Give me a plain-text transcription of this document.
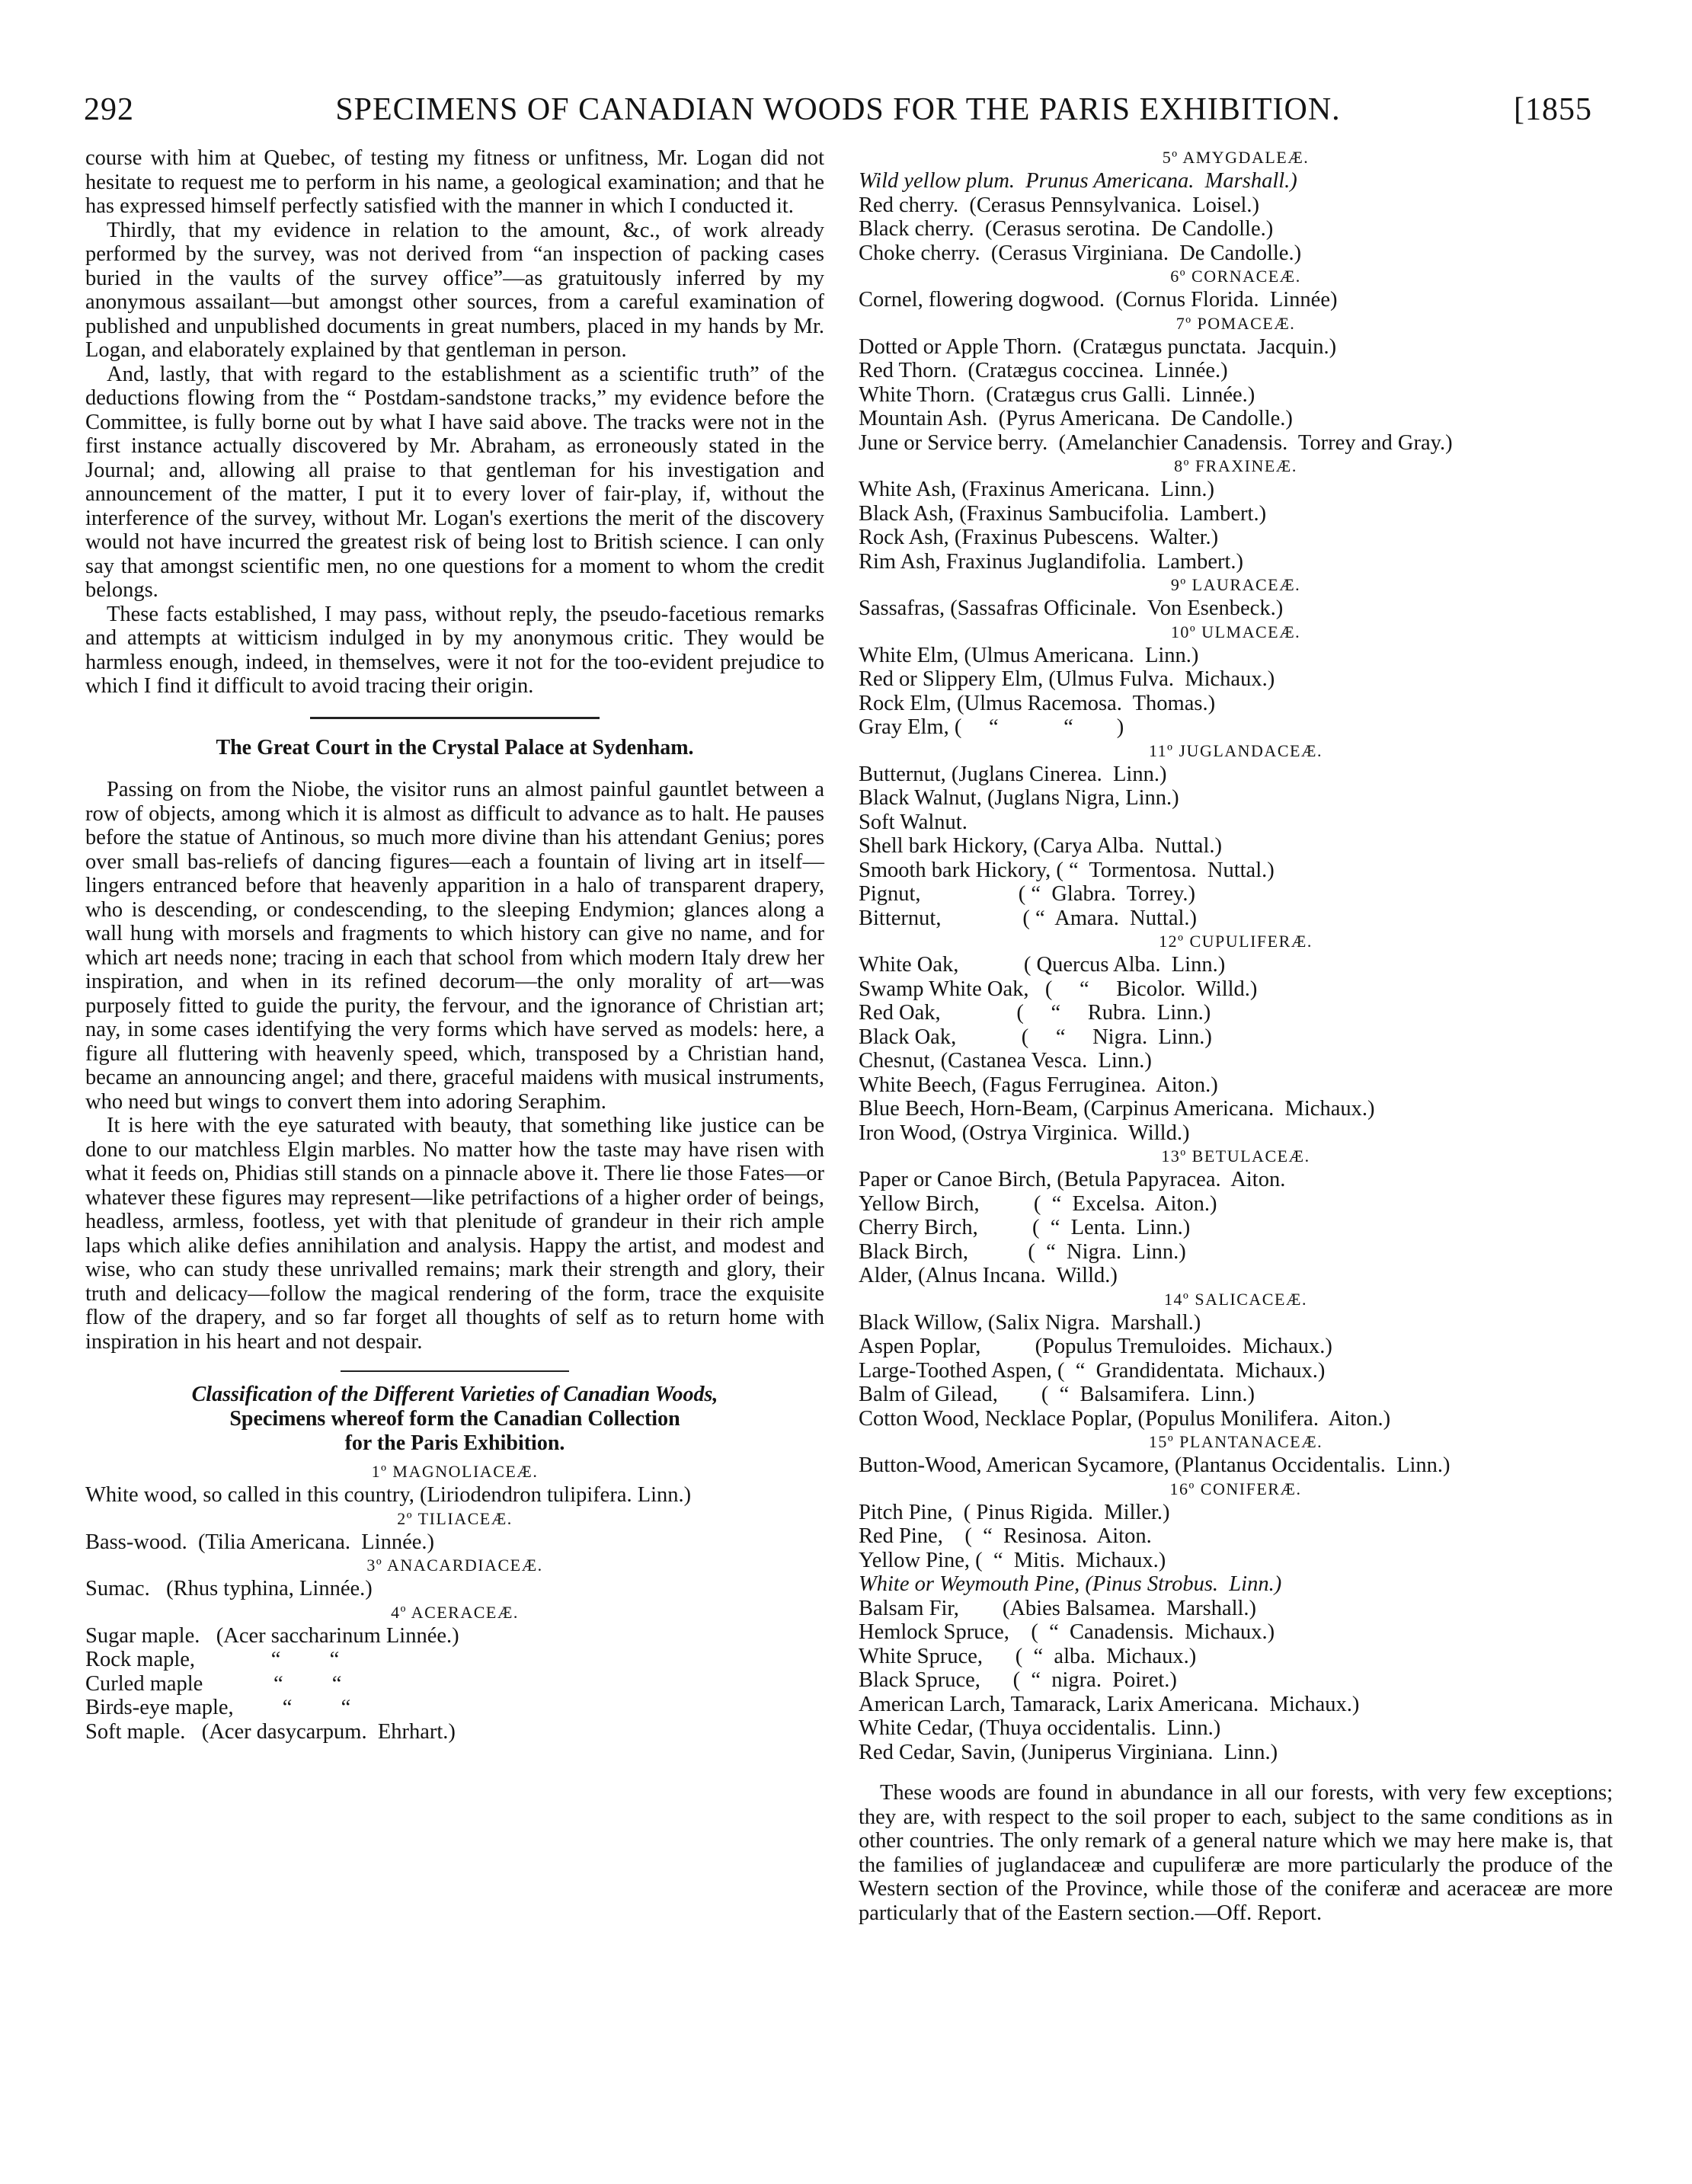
292	SPECIMENS OF CANADIAN WOODS FOR THE PARIS EXHIBITION.	[1855

course with him at Quebec, of testing my fitness or unfitness, Mr. Logan did not hesitate to request me to perform in his name, a geological examination; and that he has expressed himself perfectly satisfied with the manner in which I conducted it.

Thirdly, that my evidence in relation to the amount, &c., of work already performed by the survey, was not derived from “an inspection of packing cases buried in the vaults of the survey office”—as gratuitously inferred by my anonymous assailant—but amongst other sources, from a careful examination of published and unpublished documents in great numbers, placed in my hands by Mr. Logan, and elaborately explained by that gentleman in person.

And, lastly, that with regard to the establishment as a scientific truth” of the deductions flowing from the “ Postdam-sandstone tracks,” my evidence before the Committee, is fully borne out by what I have said above. The tracks were not in the first instance actually discovered by Mr. Abraham, as erroneously stated in the Journal; and, allowing all praise to that gentleman for his investigation and announcement of the matter, I put it to every lover of fair-play, if, without the interference of the survey, without Mr. Logan's exertions the merit of the discovery would not have incurred the greatest risk of being lost to British science. I can only say that amongst scientific men, no one questions for a moment to whom the credit belongs.

These facts established, I may pass, without reply, the pseudo-facetious remarks and attempts at witticism indulged in by my anonymous critic. They would be harmless enough, indeed, in themselves, were it not for the too-evident prejudice to which I find it difficult to avoid tracing their origin.

The Great Court in the Crystal Palace at Sydenham.

Passing on from the Niobe, the visitor runs an almost painful gauntlet between a row of objects, among which it is almost as difficult to advance as to halt. He pauses before the statue of Antinous, so much more divine than his attendant Genius; pores over small bas-reliefs of dancing figures—each a fountain of living art in itself—lingers entranced before that heavenly apparition in a halo of transparent drapery, who is descending, or condescending, to the sleeping Endymion; glances along a wall hung with morsels and fragments to which history can give no name, and for which art needs none; tracing in each that school from which modern Italy drew her inspiration, and when in its refined decorum—the only morality of art—was purposely fitted to guide the purity, the fervour, and the ignorance of Christian art; nay, in some cases identifying the very forms which have served as models: here, a figure all fluttering with heavenly speed, which, transposed by a Christian hand, became an announcing angel; and there, graceful maidens with musical instruments, who need but wings to convert them into adoring Seraphim.

It is here with the eye saturated with beauty, that something like justice can be done to our matchless Elgin marbles. No matter how the taste may have risen with what it feeds on, Phidias still stands on a pinnacle above it. There lie those Fates—or whatever these figures may represent—like petrifactions of a higher order of beings, headless, armless, footless, yet with that plenitude of grandeur in their rich ample laps which alike defies annihilation and analysis. Happy the artist, and modest and wise, who can study these unrivalled remains; mark their strength and glory, their truth and delicacy—follow the magical rendering of the form, trace the exquisite flow of the drapery, and so far forget all thoughts of self as to return home with inspiration in his heart and not despair.

Classification of the Different Varieties of Canadian Woods,
Specimens whereof form the Canadian Collection
for the Paris Exhibition.
1º MAGNOLIACEÆ.
White wood, so called in this country, (Liriodendron tulipifera. Linn.)
2º TILIACEÆ.
Bass-wood.  (Tilia Americana.  Linnée.)
3º ANACARDIACEÆ.
Sumac.   (Rhus typhina, Linnée.)
4º ACERACEÆ.
Sugar maple.   (Acer saccharinum Linnée.)
Rock maple,              “         “
Curled maple             “         “
Birds-eye maple,         “         “
Soft maple.   (Acer dasycarpum.  Ehrhart.)
5º AMYGDALEÆ.
Wild yellow plum.  Prunus Americana.  Marshall.)
Red cherry.  (Cerasus Pennsylvanica.  Loisel.)
Black cherry.  (Cerasus serotina.  De Candolle.)
Choke cherry.  (Cerasus Virginiana.  De Candolle.)
6º CORNACEÆ.
Cornel, flowering dogwood.  (Cornus Florida.  Linnée)
7º POMACEÆ.
Dotted or Apple Thorn.  (Cratægus punctata.  Jacquin.)
Red Thorn.  (Cratægus coccinea.  Linnée.)
White Thorn.  (Cratægus crus Galli.  Linnée.)
Mountain Ash.  (Pyrus Americana.  De Candolle.)
June or Service berry.  (Amelanchier Canadensis.  Torrey and Gray.)
8º FRAXINEÆ.
White Ash, (Fraxinus Americana.  Linn.)
Black Ash, (Fraxinus Sambucifolia.  Lambert.)
Rock Ash, (Fraxinus Pubescens.  Walter.)
Rim Ash, Fraxinus Juglandifolia.  Lambert.)
9º LAURACEÆ.
Sassafras, (Sassafras Officinale.  Von Esenbeck.)
10º ULMACEÆ.
White Elm, (Ulmus Americana.  Linn.)
Red or Slippery Elm, (Ulmus Fulva.  Michaux.)
Rock Elm, (Ulmus Racemosa.  Thomas.)
Gray Elm, (     “            “        )
11º JUGLANDACEÆ.
Butternut, (Juglans Cinerea.  Linn.)
Black Walnut, (Juglans Nigra, Linn.)
Soft Walnut.
Shell bark Hickory, (Carya Alba.  Nuttal.)
Smooth bark Hickory, ( “  Tormentosa.  Nuttal.)
Pignut,                  ( “  Glabra.  Torrey.)
Bitternut,               ( “  Amara.  Nuttal.)
12º CUPULIFERÆ.
White Oak,            ( Quercus Alba.  Linn.)
Swamp White Oak,   (     “     Bicolor.  Willd.)
Red Oak,              (     “     Rubra.  Linn.)
Black Oak,            (     “     Nigra.  Linn.)
Chesnut, (Castanea Vesca.  Linn.)
White Beech, (Fagus Ferruginea.  Aiton.)
Blue Beech, Horn-Beam, (Carpinus Americana.  Michaux.)
Iron Wood, (Ostrya Virginica.  Willd.)
13º BETULACEÆ.
Paper or Canoe Birch, (Betula Papyracea.  Aiton.
Yellow Birch,          (  “  Excelsa.  Aiton.)
Cherry Birch,          (  “  Lenta.  Linn.)
Black Birch,           (  “  Nigra.  Linn.)
Alder, (Alnus Incana.  Willd.)
14º SALICACEÆ.
Black Willow, (Salix Nigra.  Marshall.)
Aspen Poplar,          (Populus Tremuloides.  Michaux.)
Large-Toothed Aspen, (  “  Grandidentata.  Michaux.)
Balm of Gilead,        (  “  Balsamifera.  Linn.)
Cotton Wood, Necklace Poplar, (Populus Monilifera.  Aiton.)
15º PLANTANACEÆ.
Button-Wood, American Sycamore, (Plantanus Occidentalis.  Linn.)
16º CONIFERÆ.
Pitch Pine,  ( Pinus Rigida.  Miller.)
Red Pine,    (  “  Resinosa.  Aiton.
Yellow Pine, (  “  Mitis.  Michaux.)
White or Weymouth Pine, (Pinus Strobus.  Linn.)
Balsam Fir,        (Abies Balsamea.  Marshall.)
Hemlock Spruce,    (  “  Canadensis.  Michaux.)
White Spruce,      (  “  alba.  Michaux.)
Black Spruce,      (  “  nigra.  Poiret.)
American Larch, Tamarack, Larix Americana.  Michaux.)
White Cedar, (Thuya occidentalis.  Linn.)
Red Cedar, Savin, (Juniperus Virginiana.  Linn.)

These woods are found in abundance in all our forests, with very few exceptions; they are, with respect to the soil proper to each, subject to the same conditions as in other countries. The only remark of a general nature which we may here make is, that the families of juglandaceæ and cupuliferæ are more particularly the produce of the Western section of the Province, while those of the coniferæ and aceraceæ are more particularly that of the Eastern section.—Off. Report.
